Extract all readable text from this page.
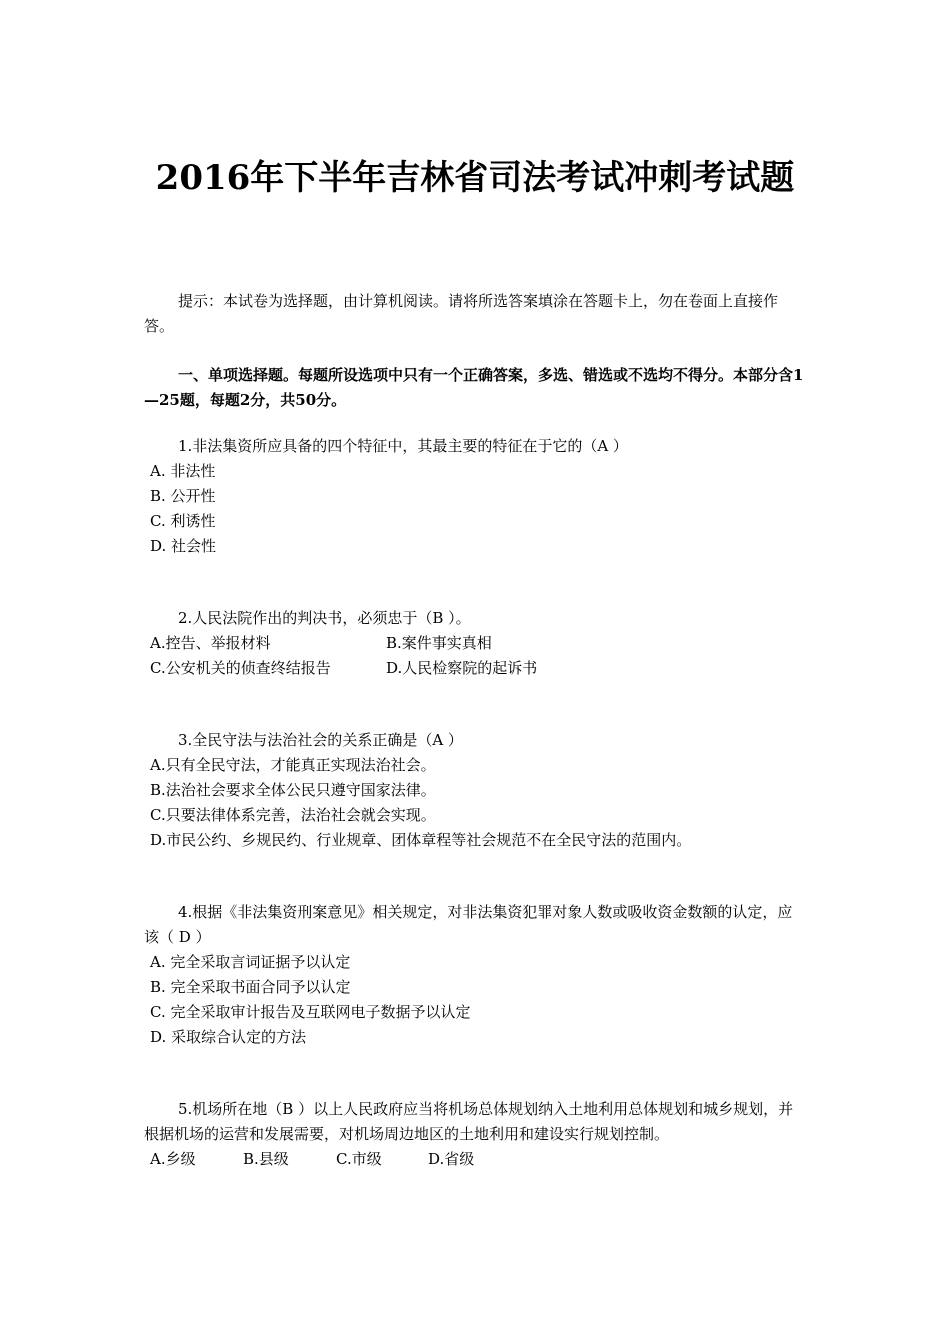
2016年下半年吉林省司法考试冲刺考试题

提示：本试卷为选择题，由计算机阅读。请将所选答案填涂在答题卡上，勿在卷面上直接作答。

一、单项选择题。每题所设选项中只有一个正确答案，多选、错选或不选均不得分。本部分含1—25题，每题2分，共50分。

1.非法集资所应具备的四个特征中，其最主要的特征在于它的（A ）
A. 非法性
B. 公开性
C. 利诱性
D. 社会性
2.人民法院作出的判决书，必须忠于（B ）。
A.控告、举报材料	B.案件事实真相
C.公安机关的侦查终结报告	D.人民检察院的起诉书
3.全民守法与法治社会的关系正确是（A ）
A.只有全民守法，才能真正实现法治社会。
B.法治社会要求全体公民只遵守国家法律。
C.只要法律体系完善，法治社会就会实现。
D.市民公约、乡规民约、行业规章、团体章程等社会规范不在全民守法的范围内。

4.根据《非法集资刑案意见》相关规定，对非法集资犯罪对象人数或吸收资金数额的认定，应该（ D ）

A. 完全采取言词证据予以认定
B. 完全采取书面合同予以认定
C. 完全采取审计报告及互联网电子数据予以认定
D. 采取综合认定的方法

5.机场所在地（B ）以上人民政府应当将机场总体规划纳入土地利用总体规划和城乡规划，并根据机场的运营和发展需要，对机场周边地区的土地利用和建设实行规划控制。

A.乡级	B.县级	C.市级	D.省级
